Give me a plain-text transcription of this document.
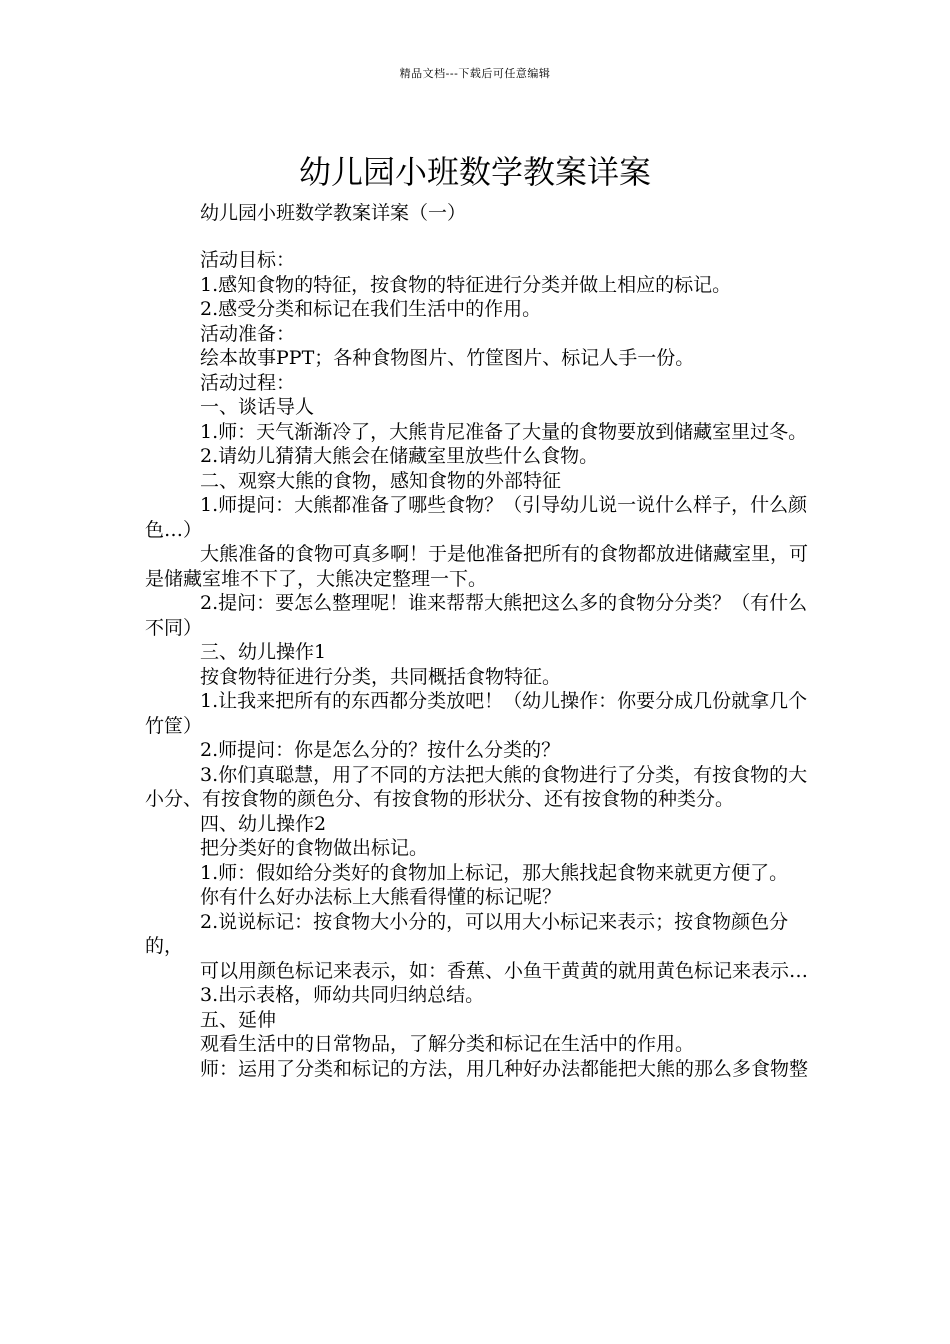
精品文档---下载后可任意编辑
幼儿园小班数学教案详案
幼儿园小班数学教案详案（一）

活动目标：

1.感知食物的特征，按食物的特征进行分类并做上相应的标记。

2.感受分类和标记在我们生活中的作用。

活动准备：

绘本故事PPT；各种食物图片、竹筐图片、标记人手一份。

活动过程：

一、谈话导人

1.师：天气渐渐冷了，大熊肯尼准备了大量的食物要放到储藏室里过冬。

2.请幼儿猜猜大熊会在储藏室里放些什么食物。

二、观察大熊的食物，感知食物的外部特征

1.师提问：大熊都准备了哪些食物？（引导幼儿说一说什么样子，什么颜色…）

大熊准备的食物可真多啊！于是他准备把所有的食物都放进储藏室里，可是储藏室堆不下了，大熊决定整理一下。

2.提问：要怎么整理呢！谁来帮帮大熊把这么多的食物分分类？（有什么不同）

三、幼儿操作1

按食物特征进行分类，共同概括食物特征。

1.让我来把所有的东西都分类放吧！（幼儿操作：你要分成几份就拿几个竹筐）

2.师提问：你是怎么分的？按什么分类的？

3.你们真聪慧，用了不同的方法把大熊的食物进行了分类，有按食物的大小分、有按食物的颜色分、有按食物的形状分、还有按食物的种类分。

四、幼儿操作2

把分类好的食物做出标记。

1.师：假如给分类好的食物加上标记，那大熊找起食物来就更方便了。

你有什么好办法标上大熊看得懂的标记呢？

2.说说标记：按食物大小分的，可以用大小标记来表示；按食物颜色分的，

可以用颜色标记来表示，如：香蕉、小鱼干黄黄的就用黄色标记来表示…

3.出示表格，师幼共同归纳总结。

五、延伸

观看生活中的日常物品，了解分类和标记在生活中的作用。

师：运用了分类和标记的方法，用几种好办法都能把大熊的那么多食物整
